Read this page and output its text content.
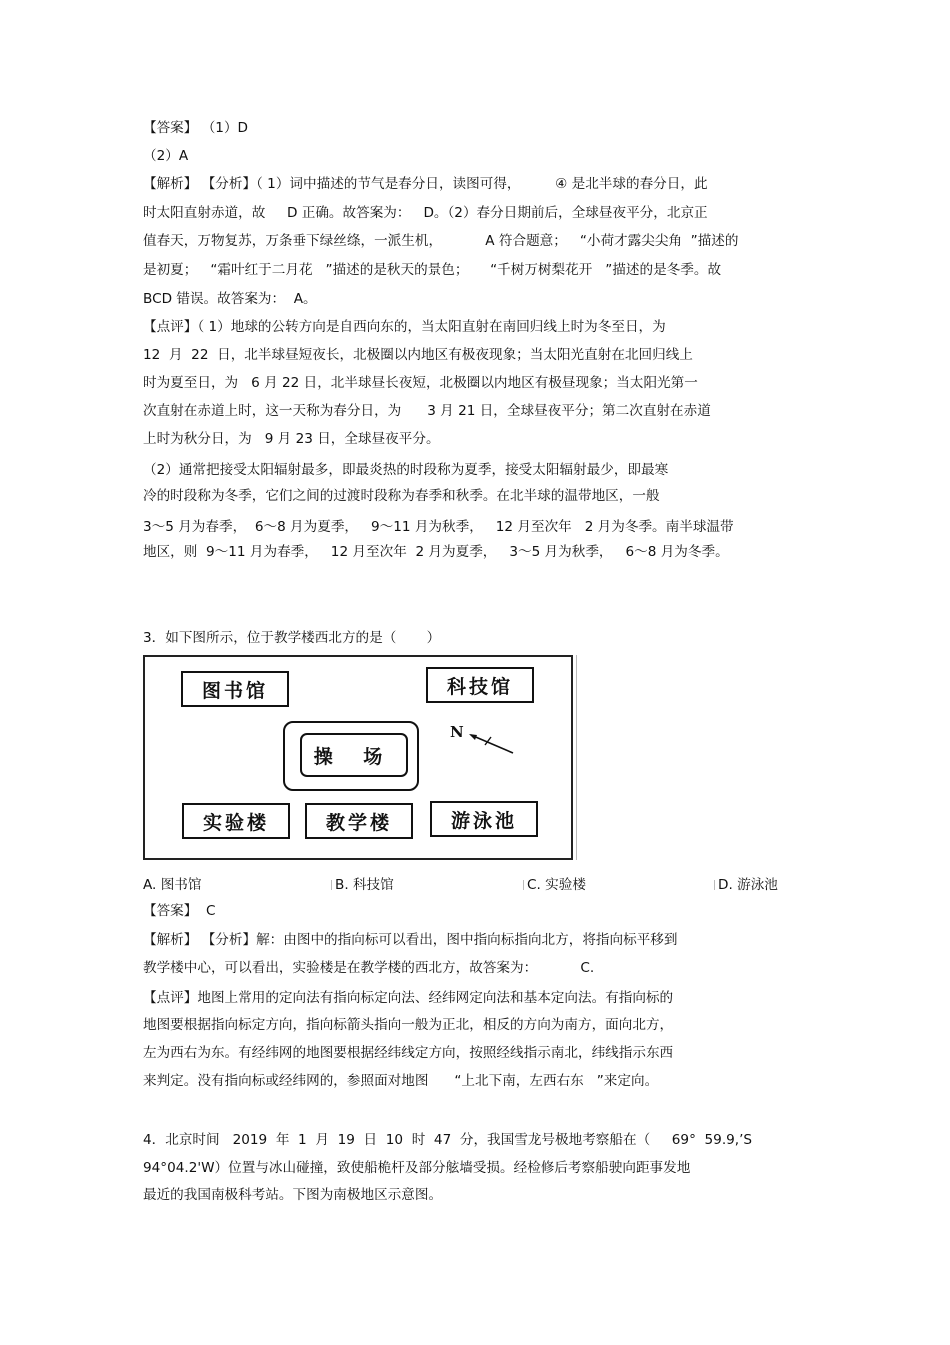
【答案】 （1）D
（2）A
【解析】 【分析】（ 1）词中描述的节气是春分日，读图可得，        ④ 是北半球的春分日，此
时太阳直射赤道，故     D 正确。故答案为：   D。（2）春分日期前后，全球昼夜平分，北京正
值春天，万物复苏，万条垂下绿丝绦，一派生机，          A 符合题意；   “小荷才露尖尖角  ”描述的
是初夏；   “霜叶红于二月花   ”描述的是秋天的景色；     “千树万树梨花开   ”描述的是冬季。故
BCD 错误。故答案为：  A。
【点评】（ 1）地球的公转方向是自西向东的，当太阳直射在南回归线上时为冬至日，为
12  月  22  日，北半球昼短夜长，北极圈以内地区有极夜现象；当太阳光直射在北回归线上
时为夏至日，为   6 月 22 日，北半球昼长夜短，北极圈以内地区有极昼现象；当太阳光第一
次直射在赤道上时，这一天称为春分日，为      3 月 21 日，全球昼夜平分；第二次直射在赤道
上时为秋分日，为   9 月 23 日，全球昼夜平分。
（2）通常把接受太阳辐射最多，即最炎热的时段称为夏季，接受太阳辐射最少，即最寒
冷的时段称为冬季，它们之间的过渡时段称为春季和秋季。在北半球的温带地区，一般
3～5 月为春季，  6～8 月为夏季，   9～11 月为秋季，   12 月至次年   2 月为冬季。南半球温带
地区，则  9～11 月为春季，   12 月至次年  2 月为夏季，   3～5 月为秋季，   6～8 月为冬季。
3．如下图所示，位于教学楼西北方的是（       ）
图书馆	科技馆
操 场
N
实验楼	教学楼	游泳池
A. 图书馆	B. 科技馆	C. 实验楼	D. 游泳池
【答案】  C
【解析】 【分析】解：由图中的指向标可以看出，图中指向标指向北方，将指向标平移到
教学楼中心，可以看出，实验楼是在教学楼的西北方，故答案为：          C.
【点评】地图上常用的定向法有指向标定向法、经纬网定向法和基本定向法。有指向标的
地图要根据指向标定方向，指向标箭头指向一般为正北，相反的方向为南方，面向北方，
左为西右为东。有经纬网的地图要根据经纬线定方向，按照经线指示南北，纬线指示东西
来判定。没有指向标或经纬网的，参照面对地图      “上北下南，左西右东   ”来定向。
4．北京时间   2019  年  1  月  19  日  10  时  47  分，我国雪龙号极地考察船在（     69°  59.9,’S
94°04.2'W）位置与冰山碰撞，致使船桅杆及部分舷墙受损。经检修后考察船驶向距事发地
最近的我国南极科考站。下图为南极地区示意图。
